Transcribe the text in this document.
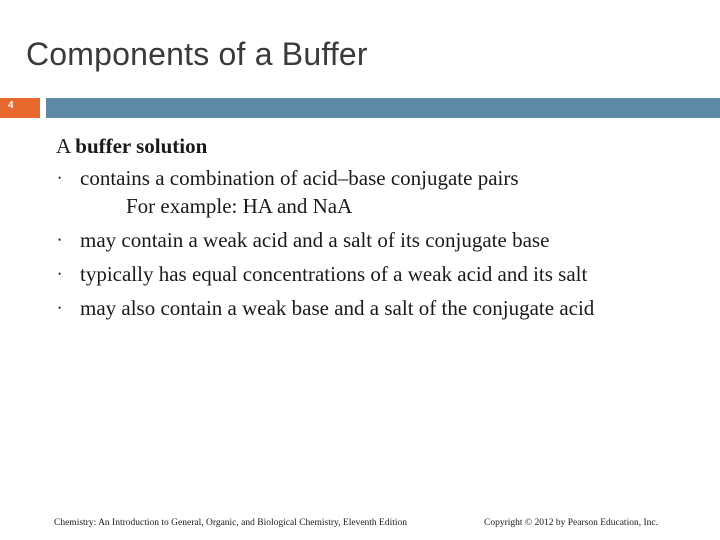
Components of a Buffer
4

A buffer solution

• contains a combination of acid–base conjugate pairs
For example: HA and NaA
• may contain a weak acid and a salt of its conjugate base
• typically has equal concentrations of a weak acid and its salt
• may also contain a weak base and a salt of the conjugate acid
Chemistry: An Introduction to General, Organic, and Biological Chemistry, Eleventh Edition	Copyright © 2012 by Pearson Education, Inc.
